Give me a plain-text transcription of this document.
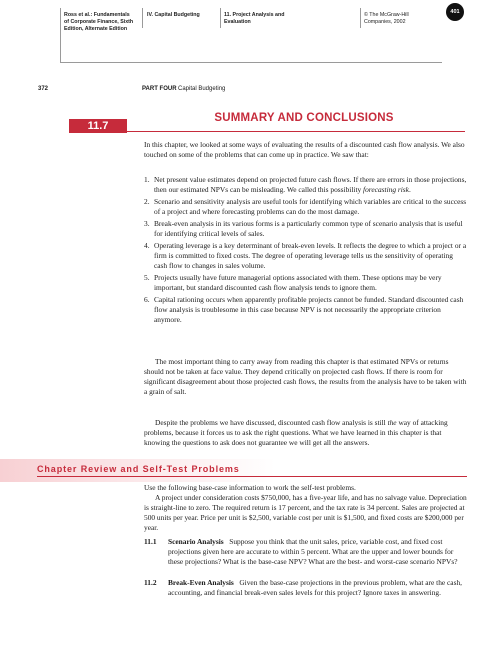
Ross et al.: Fundamentals
of Corporate Finance, Sixth
Edition, Alternate Edition
IV. Capital Budgeting	11. Project Analysis and
Evaluation
© The McGraw-Hill
Companies, 2002
401
372	PART FOUR Capital Budgeting
11.7
SUMMARY AND CONCLUSIONS

In this chapter, we looked at some ways of evaluating the results of a discounted cash flow analysis. We also touched on some of the problems that can come up in practice. We saw that:

1. Net present value estimates depend on projected future cash flows. If there are errors in those projections, then our estimated NPVs can be misleading. We called this possibility forecasting risk.
2. Scenario and sensitivity analysis are useful tools for identifying which variables are critical to the success of a project and where forecasting problems can do the most damage.
3. Break-even analysis in its various forms is a particularly common type of scenario analysis that is useful for identifying critical levels of sales.
4. Operating leverage is a key determinant of break-even levels. It reflects the degree to which a project or a firm is committed to fixed costs. The degree of operating leverage tells us the sensitivity of operating cash flow to changes in sales volume.
5. Projects usually have future managerial options associated with them. These options may be very important, but standard discounted cash flow analysis tends to ignore them.
6. Capital rationing occurs when apparently profitable projects cannot be funded. Standard discounted cash flow analysis is troublesome in this case because NPV is not necessarily the appropriate criterion anymore.

The most important thing to carry away from reading this chapter is that estimated NPVs or returns should not be taken at face value. They depend critically on projected cash flows. If there is room for significant disagreement about those projected cash flows, the results from the analysis have to be taken with a grain of salt.

Despite the problems we have discussed, discounted cash flow analysis is still the way of attacking problems, because it forces us to ask the right questions. What we have learned in this chapter is that knowing the questions to ask does not guarantee we will get all the answers.

Chapter Review and Self-Test Problems

Use the following base-case information to work the self-test problems.

A project under consideration costs $750,000, has a five-year life, and has no salvage value. Depreciation is straight-line to zero. The required return is 17 percent, and the tax rate is 34 percent. Sales are projected at 500 units per year. Price per unit is $2,500, variable cost per unit is $1,500, and fixed costs are $200,000 per year.

11.1	Scenario Analysis Suppose you think that the unit sales, price, variable cost, and fixed cost projections given here are accurate to within 5 percent. What are the upper and lower bounds for these projections? What is the base-case NPV? What are the best- and worst-case scenario NPVs?
11.2	Break-Even Analysis Given the base-case projections in the previous problem, what are the cash, accounting, and financial break-even sales levels for this project? Ignore taxes in answering.
